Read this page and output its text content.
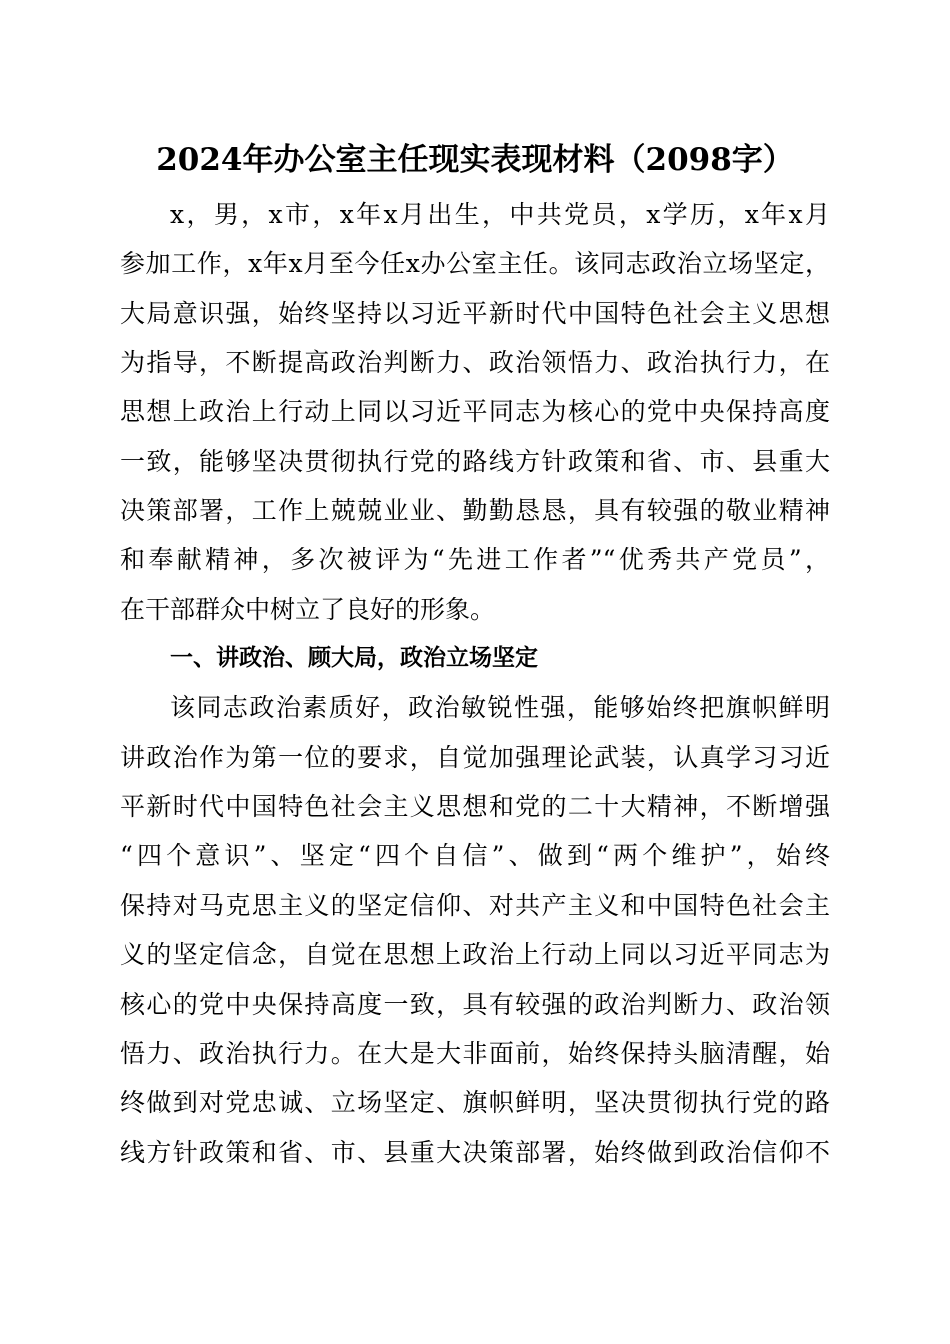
2024年办公室主任现实表现材料（2098字）
x，男，x市，x年x月出生，中共党员，x学历，x年x月
参加工作，x年x月至今任x办公室主任。该同志政治立场坚定，
大局意识强，始终坚持以习近平新时代中国特色社会主义思想
为指导，不断提高政治判断力、政治领悟力、政治执行力，在
思想上政治上行动上同以习近平同志为核心的党中央保持高度
一致，能够坚决贯彻执行党的路线方针政策和省、市、县重大
决策部署，工作上兢兢业业、勤勤恳恳，具有较强的敬业精神
和奉献精神，多次被评为“先进工作者”“优秀共产党员”，
在干部群众中树立了良好的形象。
一、讲政治、顾大局，政治立场坚定
该同志政治素质好，政治敏锐性强，能够始终把旗帜鲜明
讲政治作为第一位的要求，自觉加强理论武装，认真学习习近
平新时代中国特色社会主义思想和党的二十大精神，不断增强
“四个意识”、坚定“四个自信”、做到“两个维护”，始终
保持对马克思主义的坚定信仰、对共产主义和中国特色社会主
义的坚定信念，自觉在思想上政治上行动上同以习近平同志为
核心的党中央保持高度一致，具有较强的政治判断力、政治领
悟力、政治执行力。在大是大非面前，始终保持头脑清醒，始
终做到对党忠诚、立场坚定、旗帜鲜明，坚决贯彻执行党的路
线方针政策和省、市、县重大决策部署，始终做到政治信仰不
